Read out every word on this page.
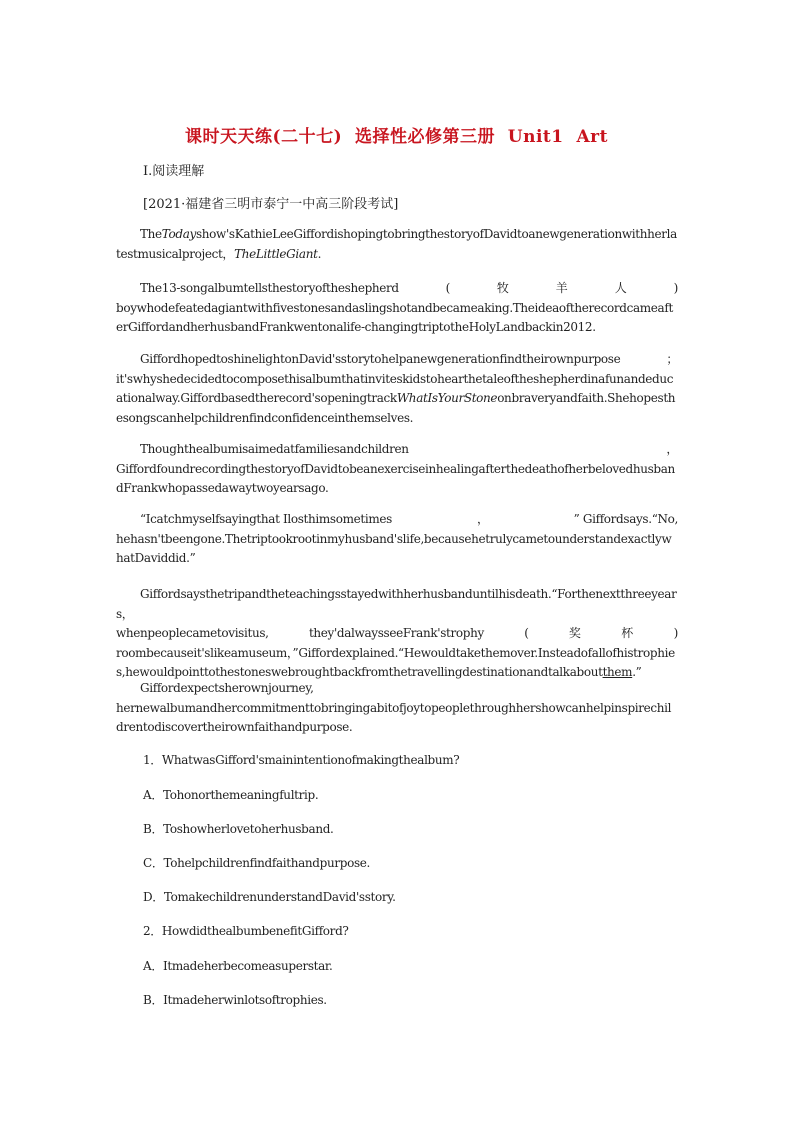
课时天天练(二十七)  选择性必修第三册  Unit1  Art
Ⅰ.阅读理解
[2021·福建省三明市泰宁一中高三阶段考试]
TheTodayshow'sKathieLeeGiffordishopingtobringthestoryofDavidtoanewgenerationwithherlatestmusicalproject，TheLittleGiant.
The13-songalbumtellsthestoryoftheshepherd	(	牧	羊	人	)
boywhodefeatedagiantwithfivestonesandaslingshotandbecameaking.TheideaoftherecordcameafterGiffordandherhusbandFrankwentonalife-changingtriptotheHolyLandbackin2012.
GiffordhopedtoshinelightonDavid'sstorytohelpanewgenerationfindtheirownpurpose	；
it'swhyshedecidedtocomposethisalbumthatinviteskidstohearthetaleoftheshepherdinafunandeducationalway.Giffordbasedtherecord'sopeningtrackWhatIsYourStoneonbraveryandfaith.Shehopesthesongscanhelpchildrenfindconfidenceinthemselves.
Thoughthealbumisaimedatfamiliesandchildren	，
GiffordfoundrecordingthestoryofDavidtobeanexerciseinhealingafterthedeathofherbelovedhusbandFrankwhopassedawaytwoyearsago.
“Icatchmyselfsayingthat Ilosthimsometimes	，	” Giffordsays.“No,
hehasn'tbeengone.Thetriptookrootinmyhusband'slife,becausehetrulycametounderstandexactlywhatDaviddid.”
Giffordsaysthetripandtheteachingsstayedwithherhusbanduntilhisdeath.“Forthenextthreeyears，
whenpeoplecametovisitus,	they'dalwaysseeFrank'strophy	(	奖	杯	)
roombecauseit'slikeamuseum，”Giffordexplained.“Hewouldtakethemover.Insteadofallofhistrophies,hewouldpointtothestoneswebroughtbackfromthetravellingdestinationandtalkaboutthem.”
Giffordexpectsherownjourney,
hernewalbumandhercommitmenttobringingabitofjoytopeoplethroughhershowcanhelpinspirechildrentodiscovertheirownfaithandpurpose.
1．WhatwasGifford'smainintentionofmakingthealbum?
A．Tohonorthemeaningfultrip.
B．Toshowherlovetoherhusband.
C．Tohelpchildrenfindfaithandpurpose.
D．TomakechildrenunderstandDavid'sstory.
2．HowdidthealbumbenefitGifford?
A．Itmadeherbecomeasuperstar.
B．Itmadeherwinlotsoftrophies.
